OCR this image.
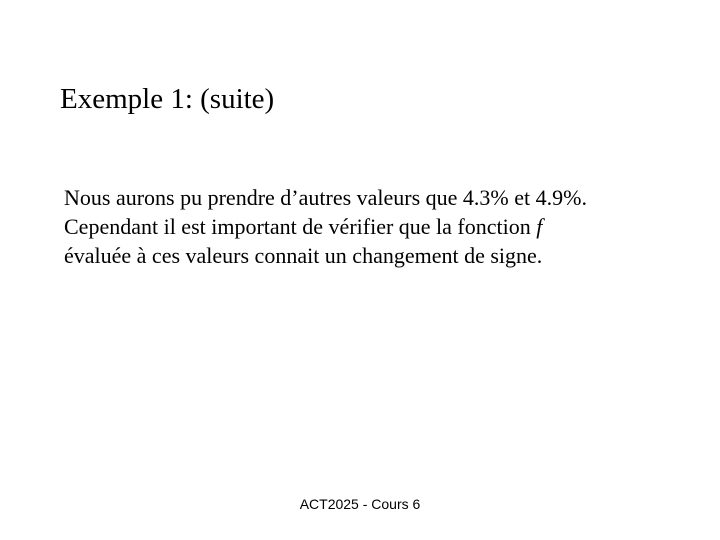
Exemple 1: (suite)

Nous aurons pu prendre d’autres valeurs que 4.3% et 4.9%.
Cependant il est important de vérifier que la fonction f
évaluée à ces valeurs connait un changement de signe.

ACT2025 - Cours 6
